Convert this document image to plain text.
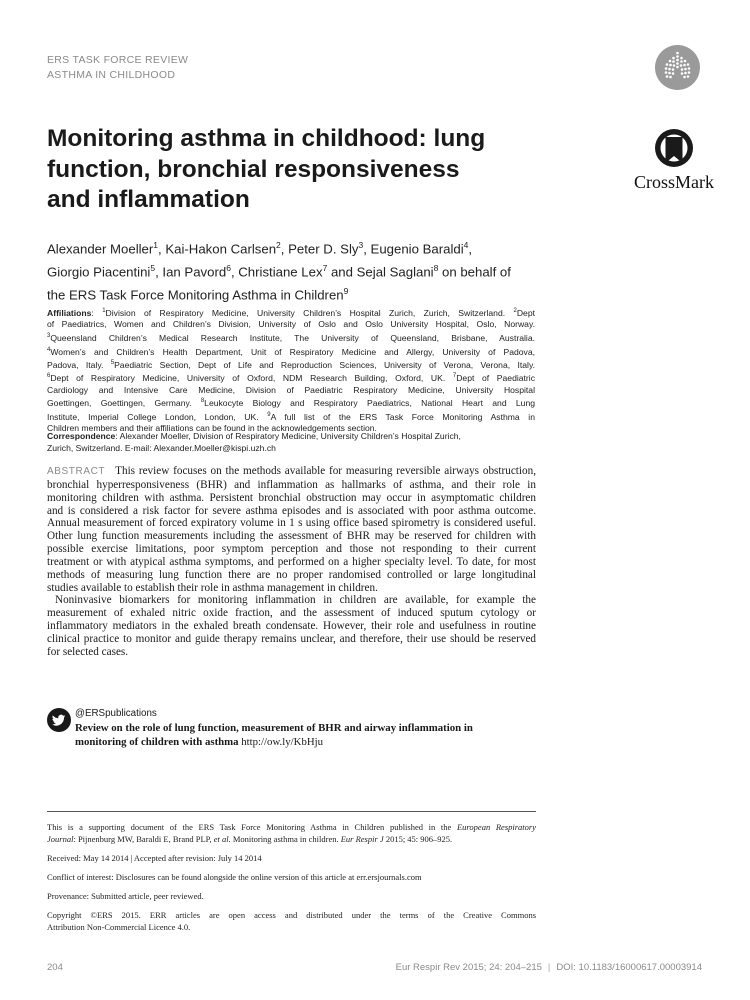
ERS TASK FORCE REVIEW
ASTHMA IN CHILDHOOD
CrossMark
Monitoring asthma in childhood: lung
function, bronchial responsiveness
and inflammation
Alexander Moeller$^1$, Kai-Hakon Carlsen$^2$, Peter D. Sly$^3$, Eugenio Baraldi$^4$,
Giorgio Piacentini$^5$, Ian Pavord$^6$, Christiane Lex$^7$ and Sejal Saglani$^8$ on behalf of
the ERS Task Force Monitoring Asthma in Children$^9$
Affiliations: $^1$Division of Respiratory Medicine, University Children’s Hospital Zurich, Zurich, Switzerland. $^2$Dept
of Paediatrics, Women and Children’s Division, University of Oslo and Oslo University Hospital, Oslo, Norway.
$^3$Queensland Children’s Medical Research Institute, The University of Queensland, Brisbane, Australia.
$^4$Women’s and Children’s Health Department, Unit of Respiratory Medicine and Allergy, University of Padova,
Padova, Italy. $^5$Paediatric Section, Dept of Life and Reproduction Sciences, University of Verona, Verona, Italy.
$^6$Dept of Respiratory Medicine, University of Oxford, NDM Research Building, Oxford, UK. $^7$Dept of Paediatric
Cardiology and Intensive Care Medicine, Division of Paediatric Respiratory Medicine, University Hospital
Goettingen, Goettingen, Germany. $^8$Leukocyte Biology and Respiratory Paediatrics, National Heart and Lung
Institute, Imperial College London, London, UK. $^9$A full list of the ERS Task Force Monitoring Asthma in
Children members and their affiliations can be found in the acknowledgements section.
Correspondence: Alexander Moeller, Division of Respiratory Medicine, University Children’s Hospital Zurich,
Zurich, Switzerland. E-mail: Alexander.Moeller@kispi.uzh.ch
ABSTRACT This review focuses on the methods available for measuring reversible airways obstruction,
bronchial hyperresponsiveness (BHR) and inflammation as hallmarks of asthma, and their role in
monitoring children with asthma. Persistent bronchial obstruction may occur in asymptomatic children
and is considered a risk factor for severe asthma episodes and is associated with poor asthma outcome.
Annual measurement of forced expiratory volume in 1 s using office based spirometry is considered useful.
Other lung function measurements including the assessment of BHR may be reserved for children with
possible exercise limitations, poor symptom perception and those not responding to their current
treatment or with atypical asthma symptoms, and performed on a higher specialty level. To date, for most
methods of measuring lung function there are no proper randomised controlled or large longitudinal
studies available to establish their role in asthma management in children.
Noninvasive biomarkers for monitoring inflammation in children are available, for example the
measurement of exhaled nitric oxide fraction, and the assessment of induced sputum cytology or
inflammatory mediators in the exhaled breath condensate. However, their role and usefulness in routine
clinical practice to monitor and guide therapy remains unclear, and therefore, their use should be reserved
for selected cases.
@ERSpublications
Review on the role of lung function, measurement of BHR and airway inflammation in
monitoring of children with asthma http://ow.ly/KbHju
This is a supporting document of the ERS Task Force Monitoring Asthma in Children published in the European Respiratory
Journal: Pijnenburg MW, Baraldi E, Brand PLP, et al. Monitoring asthma in children. Eur Respir J 2015; 45: 906–925.
Received: May 14 2014 | Accepted after revision: July 14 2014
Conflict of interest: Disclosures can be found alongside the online version of this article at err.ersjournals.com
Provenance: Submitted article, peer reviewed.
Copyright ©ERS 2015. ERR articles are open access and distributed under the terms of the Creative Commons
Attribution Non-Commercial Licence 4.0.
204	Eur Respir Rev 2015; 24: 204–215 | DOI: 10.1183/16000617.00003914
